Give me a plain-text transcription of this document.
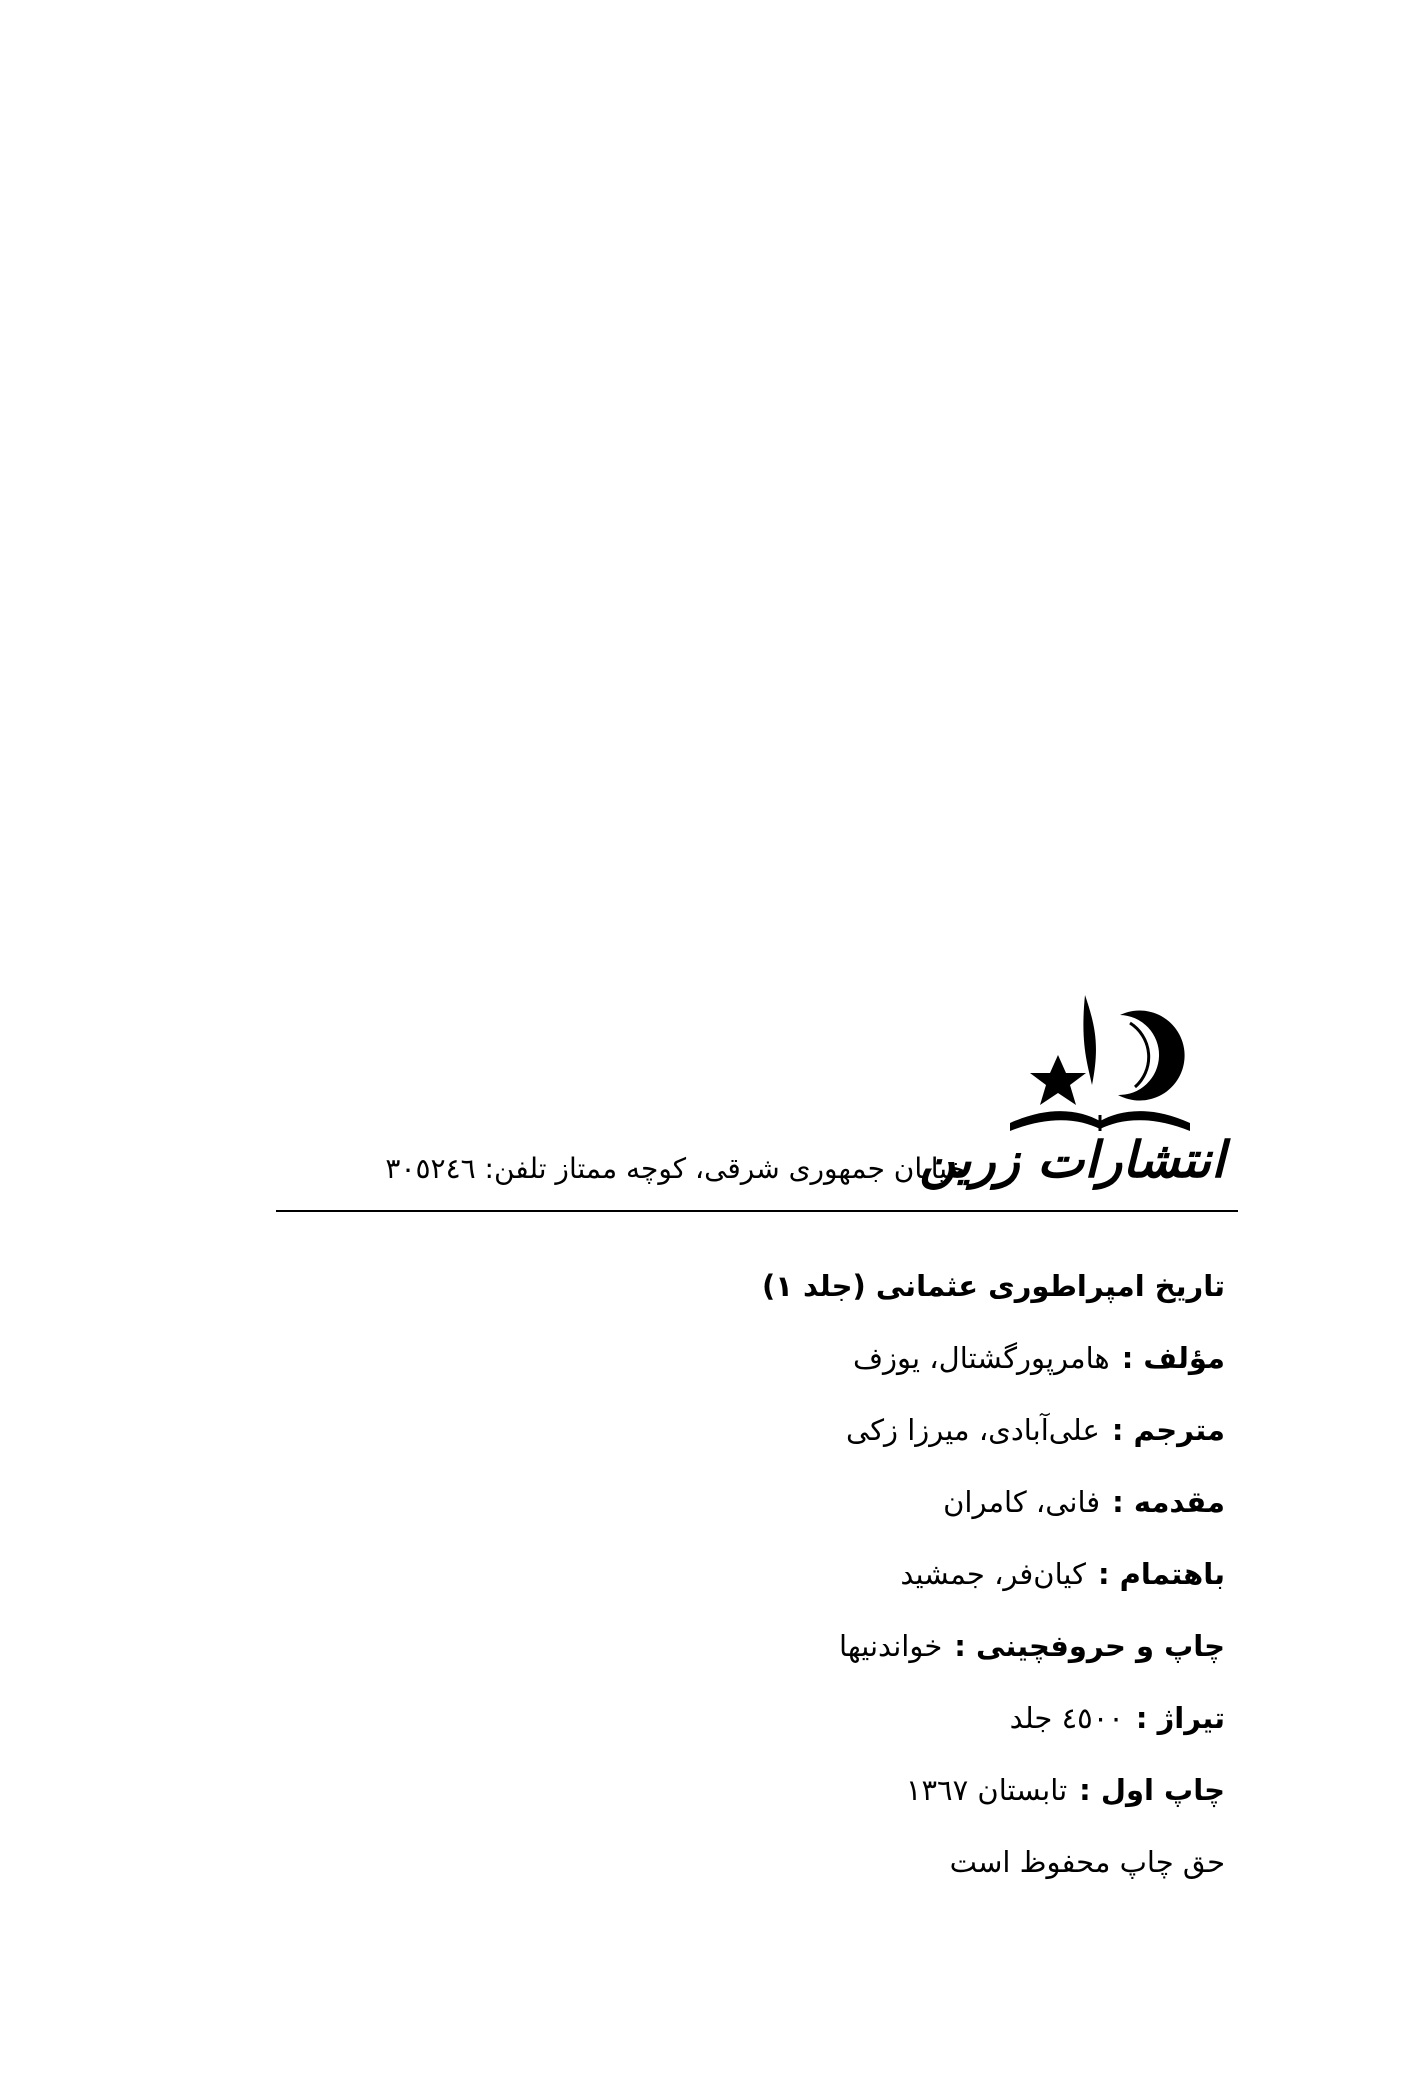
انتشارات زرین
خیابان جمهوری شرقی، کوچه ممتاز تلفن: ٣٠٥٢٤٦
تاریخ امپراطوری عثمانی (جلد ١)
مؤلف :هامرپورگشتال، یوزف
مترجم :علی‌آبادی، میرزا زکی
مقدمه :فانی، کامران
باهتمام :کیان‌فر، جمشید
چاپ و حروفچینی :خواندنیها
تیراژ :٤٥٠٠ جلد
چاپ اول :تابستان ١٣٦٧
حق چاپ محفوظ است
